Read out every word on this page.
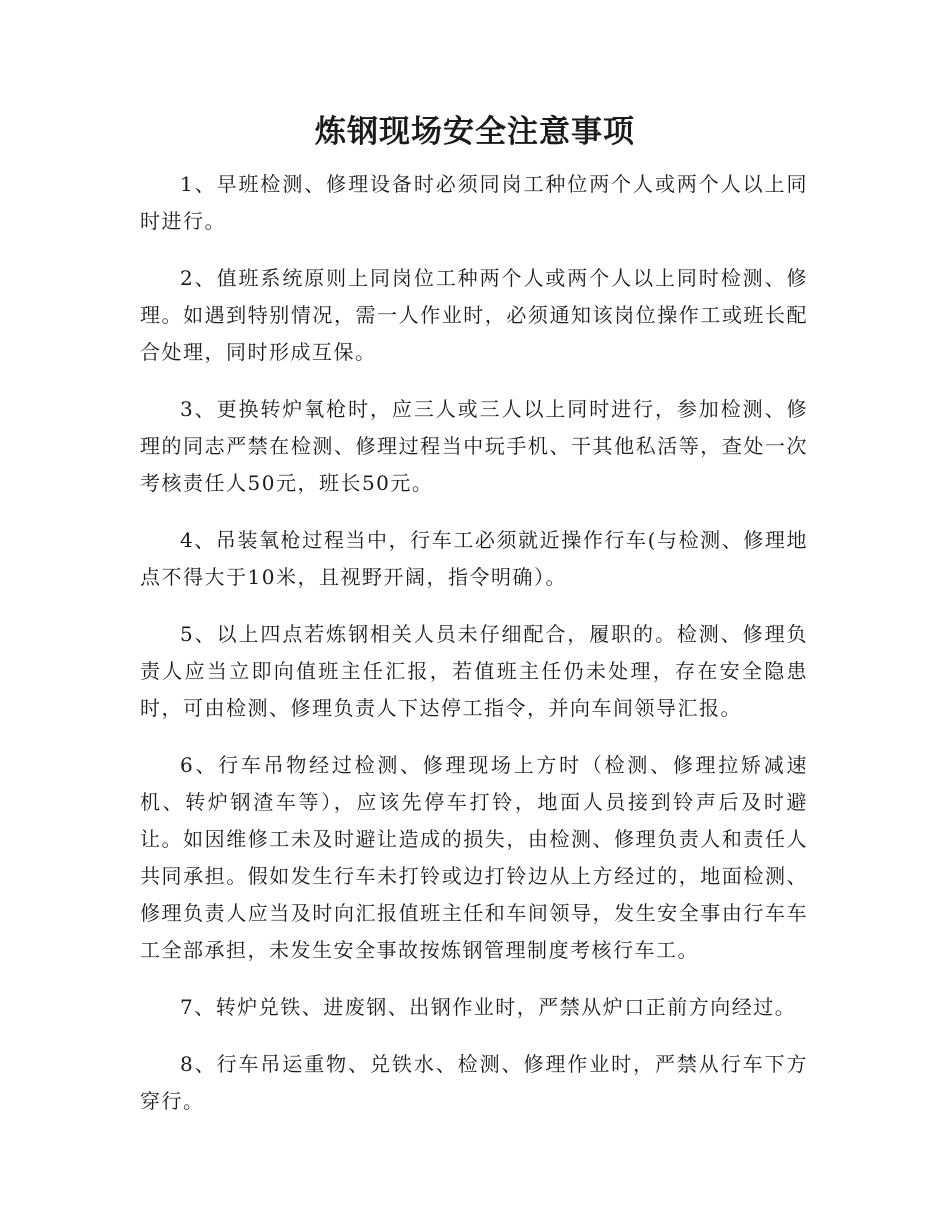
炼钢现场安全注意事项

1、早班检测、修理设备时必须同岗工种位两个人或两个人以上同时进行。

2、值班系统原则上同岗位工种两个人或两个人以上同时检测、修理。如遇到特别情况，需一人作业时，必须通知该岗位操作工或班长配合处理，同时形成互保。

3、更换转炉氧枪时，应三人或三人以上同时进行，参加检测、修理的同志严禁在检测、修理过程当中玩手机、干其他私活等，查处一次考核责任人50元，班长50元。

4、吊装氧枪过程当中，行车工必须就近操作行车(与检测、修理地点不得大于10米，且视野开阔，指令明确）。

5、以上四点若炼钢相关人员未仔细配合，履职的。检测、修理负责人应当立即向值班主任汇报，若值班主任仍未处理，存在安全隐患时，可由检测、修理负责人下达停工指令，并向车间领导汇报。

6、行车吊物经过检测、修理现场上方时（检测、修理拉矫减速机、转炉钢渣车等），应该先停车打铃，地面人员接到铃声后及时避让。如因维修工未及时避让造成的损失，由检测、修理负责人和责任人共同承担。假如发生行车未打铃或边打铃边从上方经过的，地面检测、修理负责人应当及时向汇报值班主任和车间领导，发生安全事由行车车工全部承担，未发生安全事故按炼钢管理制度考核行车工。

7、转炉兑铁、进废钢、出钢作业时，严禁从炉口正前方向经过。

8、行车吊运重物、兑铁水、检测、修理作业时，严禁从行车下方穿行。
